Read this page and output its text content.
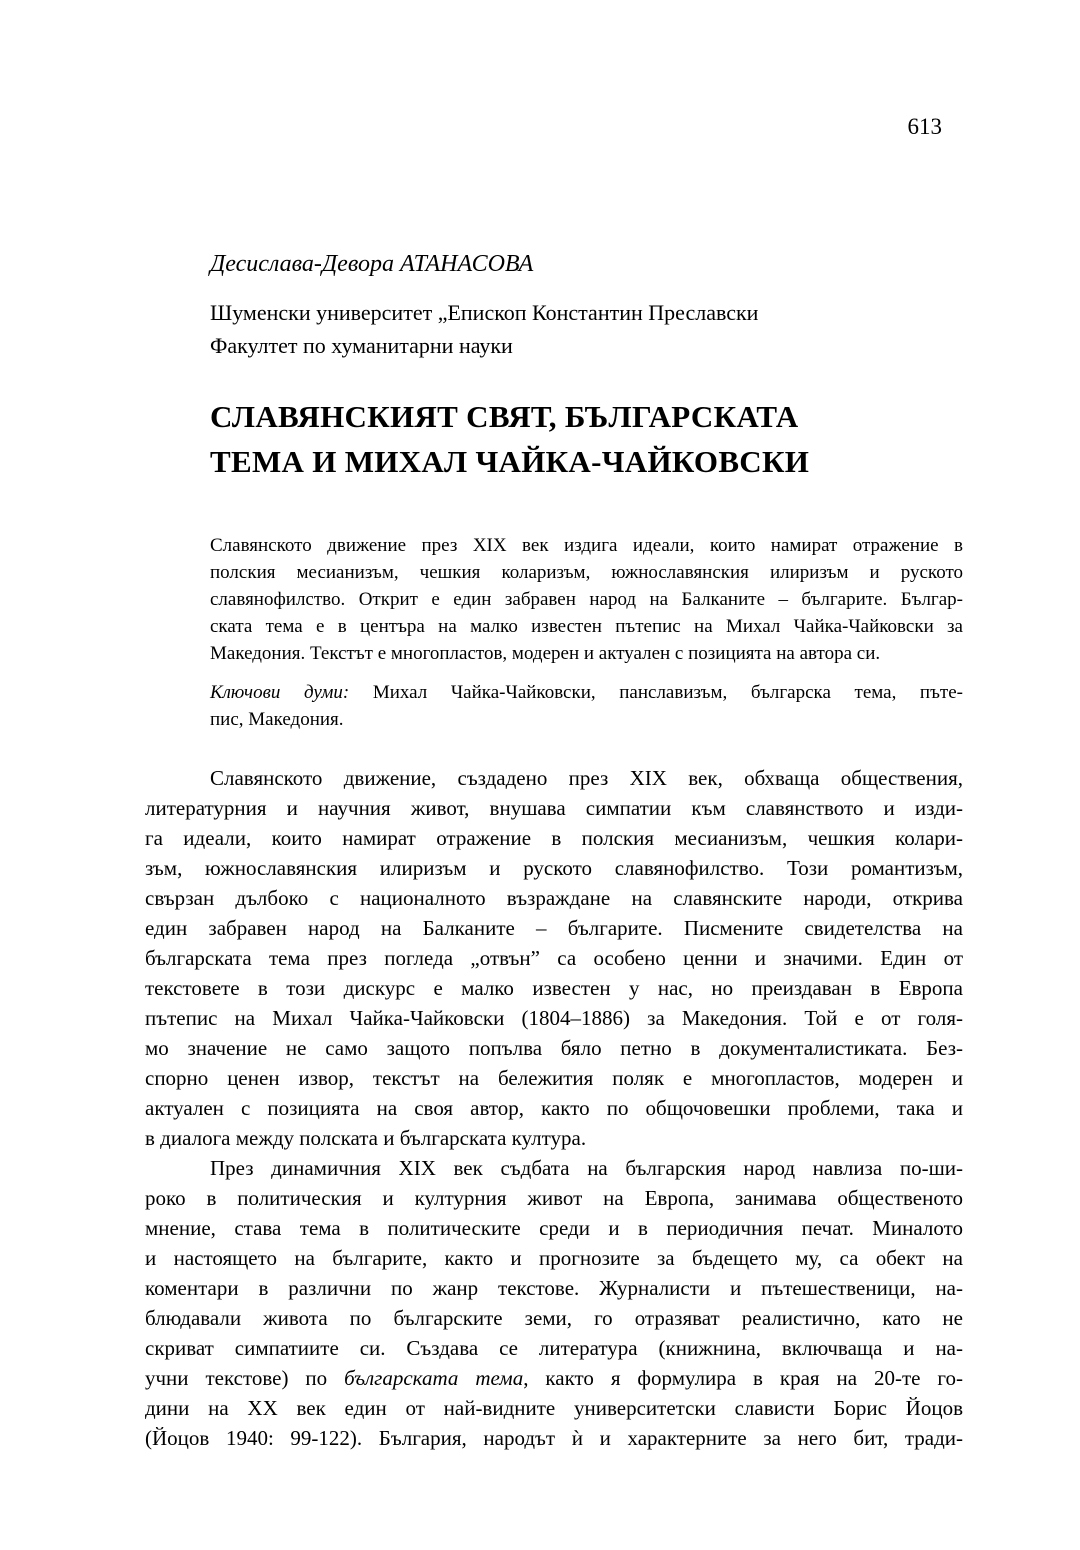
613
Десислава-Девора АТАНАСОВА
Шуменски университет „Епископ Константин Преславски
Факултет по хуманитарни науки
СЛАВЯНСКИЯТ СВЯТ, БЪЛГАРСКАТА
ТЕМА И МИХАЛ ЧАЙКА-ЧАЙКОВСКИ
Славянското движение през XIX век издига идеали, които намират отражение в
полския месианизъм, чешкия коларизъм, южнославянския илиризъм и руското
славянофилство. Открит е един забравен народ на Балканите – българите. Българ-
ската тема е в центъра на малко известен пътепис на Михал Чайка-Чайковски за
Македония. Текстът е многопластов, модерен и актуален с позицията на автора си.
Ключови думи: Михал Чайка-Чайковски, панславизъм, българска тема, пъте-
пис, Македония.
Славянското движение, създадено през XIX век, обхваща обществения,
литературния и научния живот, внушава симпатии към славянството и изди-
га идеали, които намират отражение в полския месианизъм, чешкия колари-
зъм, южнославянския илиризъм и руското славянофилство. Този романтизъм,
свързан дълбоко с националното възраждане на славянските народи, открива
един забравен народ на Балканите – българите. Писмените свидетелства на
българската тема през погледа „отвън” са особено ценни и значими. Един от
текстовете в този дискурс е малко известен у нас, но преиздаван в Европа
пътепис на Михал Чайка-Чайковски (1804–1886) за Македония. Той е от голя-
мо значение не само защото попълва бяло петно в документалистиката. Без-
спорно ценен извор, текстът на бележития поляк е многопластов, модерен и
актуален с позицията на своя автор, както по общочовешки проблеми, така и
в диалога между полската и българската култура.
През динамичния XIX век съдбата на българския народ навлиза по-ши-
роко в политическия и културния живот на Европа, занимава общественото
мнение, става тема в политическите среди и в периодичния печат. Миналото
и настоящето на българите, както и прогнозите за бъдещето му, са обект на
коментари в различни по жанр текстове. Журналисти и пътешественици, на-
блюдавали живота по българските земи, го отразяват реалистично, като не
скриват симпатиите си. Създава се литература (книжнина, включваща и на-
учни текстове) по българската тема, както я формулира в края на 20-те го-
дини на XX век един от най-видните университетски слависти Борис Йоцов
(Йоцов 1940: 99-122). България, народът ѝ и характерните за него бит, тради-
